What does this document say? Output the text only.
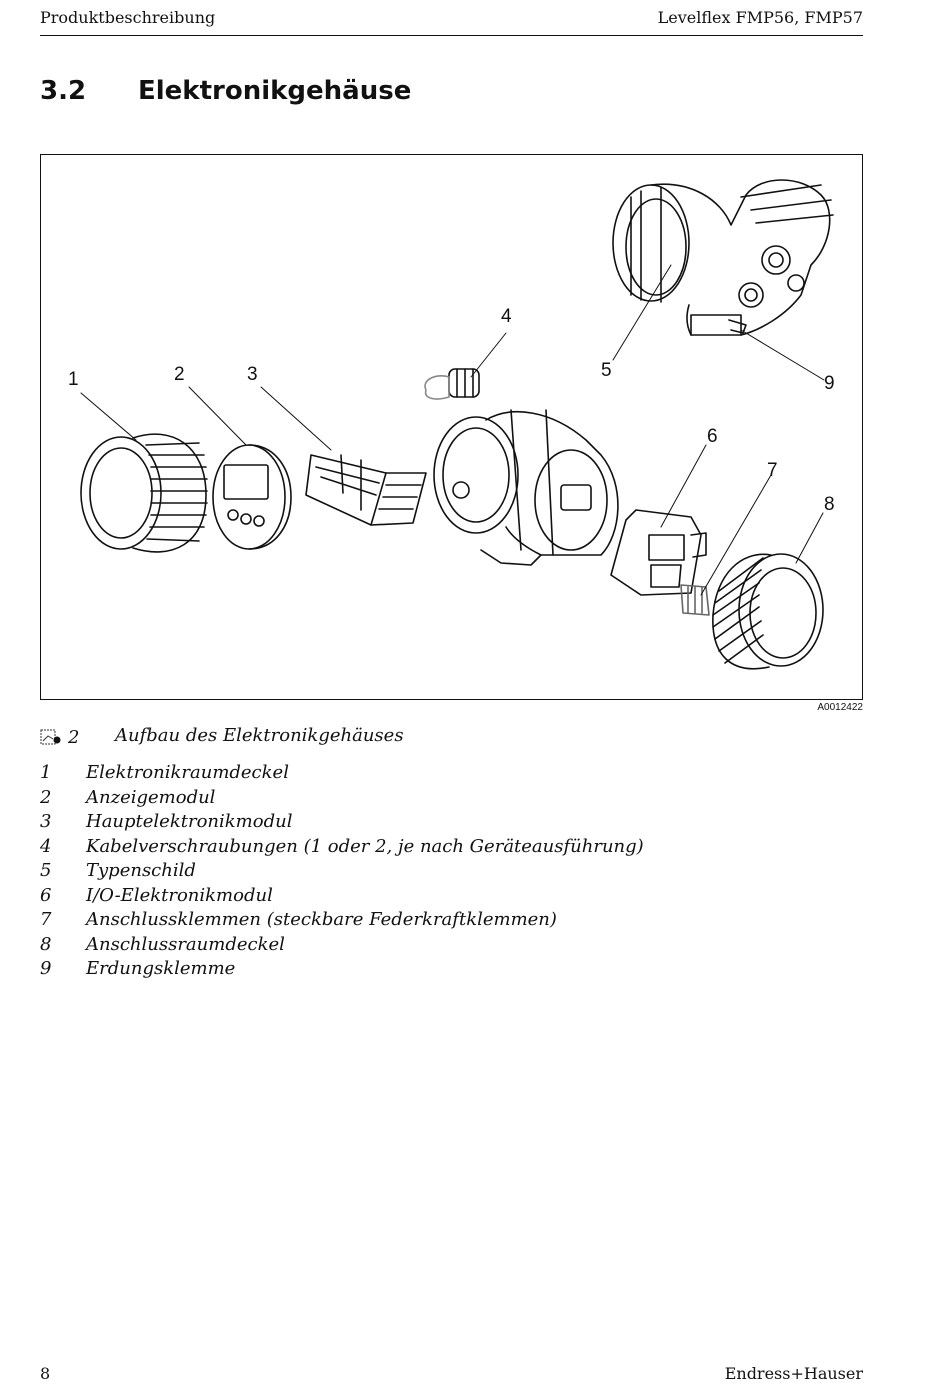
Produktbeschreibung	Levelflex FMP56, FMP57
3.2 Elektronikgehäuse
1	2	3
4
5
6
7
8
9
A0012422
2 Aufbau des Elektronikgehäuses
1 Elektronikraumdeckel
2 Anzeigemodul
3 Hauptelektronikmodul
4 Kabelverschraubungen (1 oder 2, je nach Geräteausführung)
5 Typenschild
6 I/O-Elektronikmodul
7 Anschlussklemmen (steckbare Federkraftklemmen)
8 Anschlussraumdeckel
9 Erdungsklemme
8	Endress+Hauser
